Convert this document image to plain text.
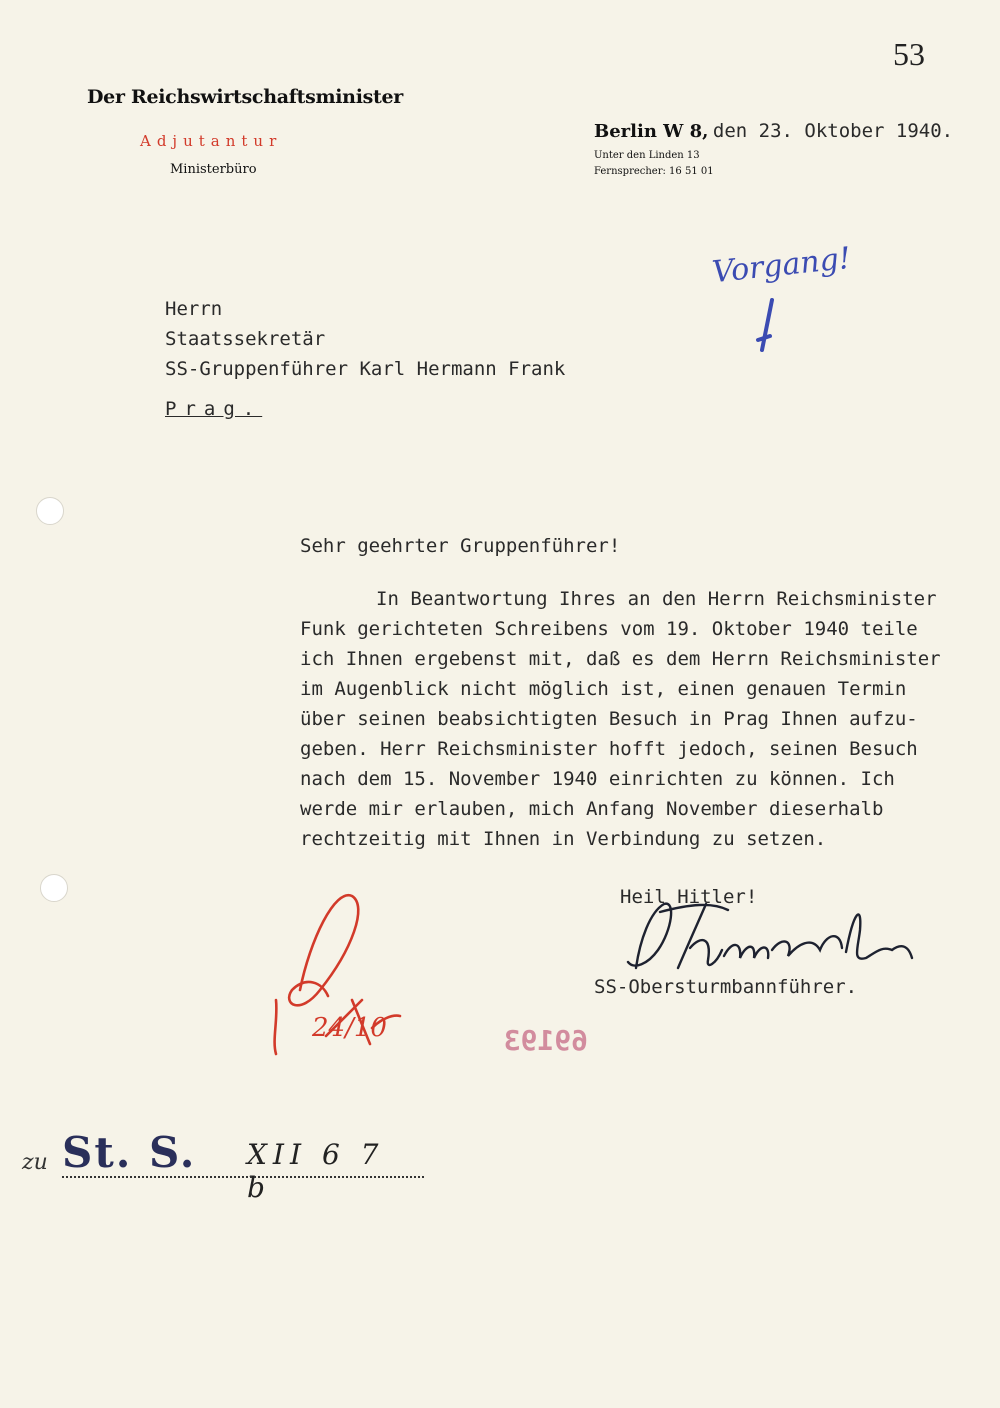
53
Der Reichswirtschaftsminister
Adjutantur
Ministerbüro
Berlin W 8, den 23. Oktober 1940.
Unter den Linden 13
Fernsprecher: 16 51 01
Vorgang!
Herrn
Staatssekretär
SS-Gruppenführer Karl Hermann Frank
Prag.
Sehr geehrter Gruppenführer!

In Beantwortung Ihres an den Herrn Reichsminister

Funk gerichteten Schreibens vom 19. Oktober 1940 teile

ich Ihnen ergebenst mit, daß es dem Herrn Reichsminister

im Augenblick nicht möglich ist, einen genauen Termin

über seinen beabsichtigten Besuch in Prag Ihnen aufzu-

geben. Herr Reichsminister hofft jedoch, seinen Besuch

nach dem 15. November 1940 einrichten zu können. Ich

werde mir erlauben, mich Anfang November dieserhalb

rechtzeitig mit Ihnen in Verbindung zu setzen.

Heil Hitler!
SS-Obersturmbannführer.
24/10	69193
zu St. S. XII 6 7 b
